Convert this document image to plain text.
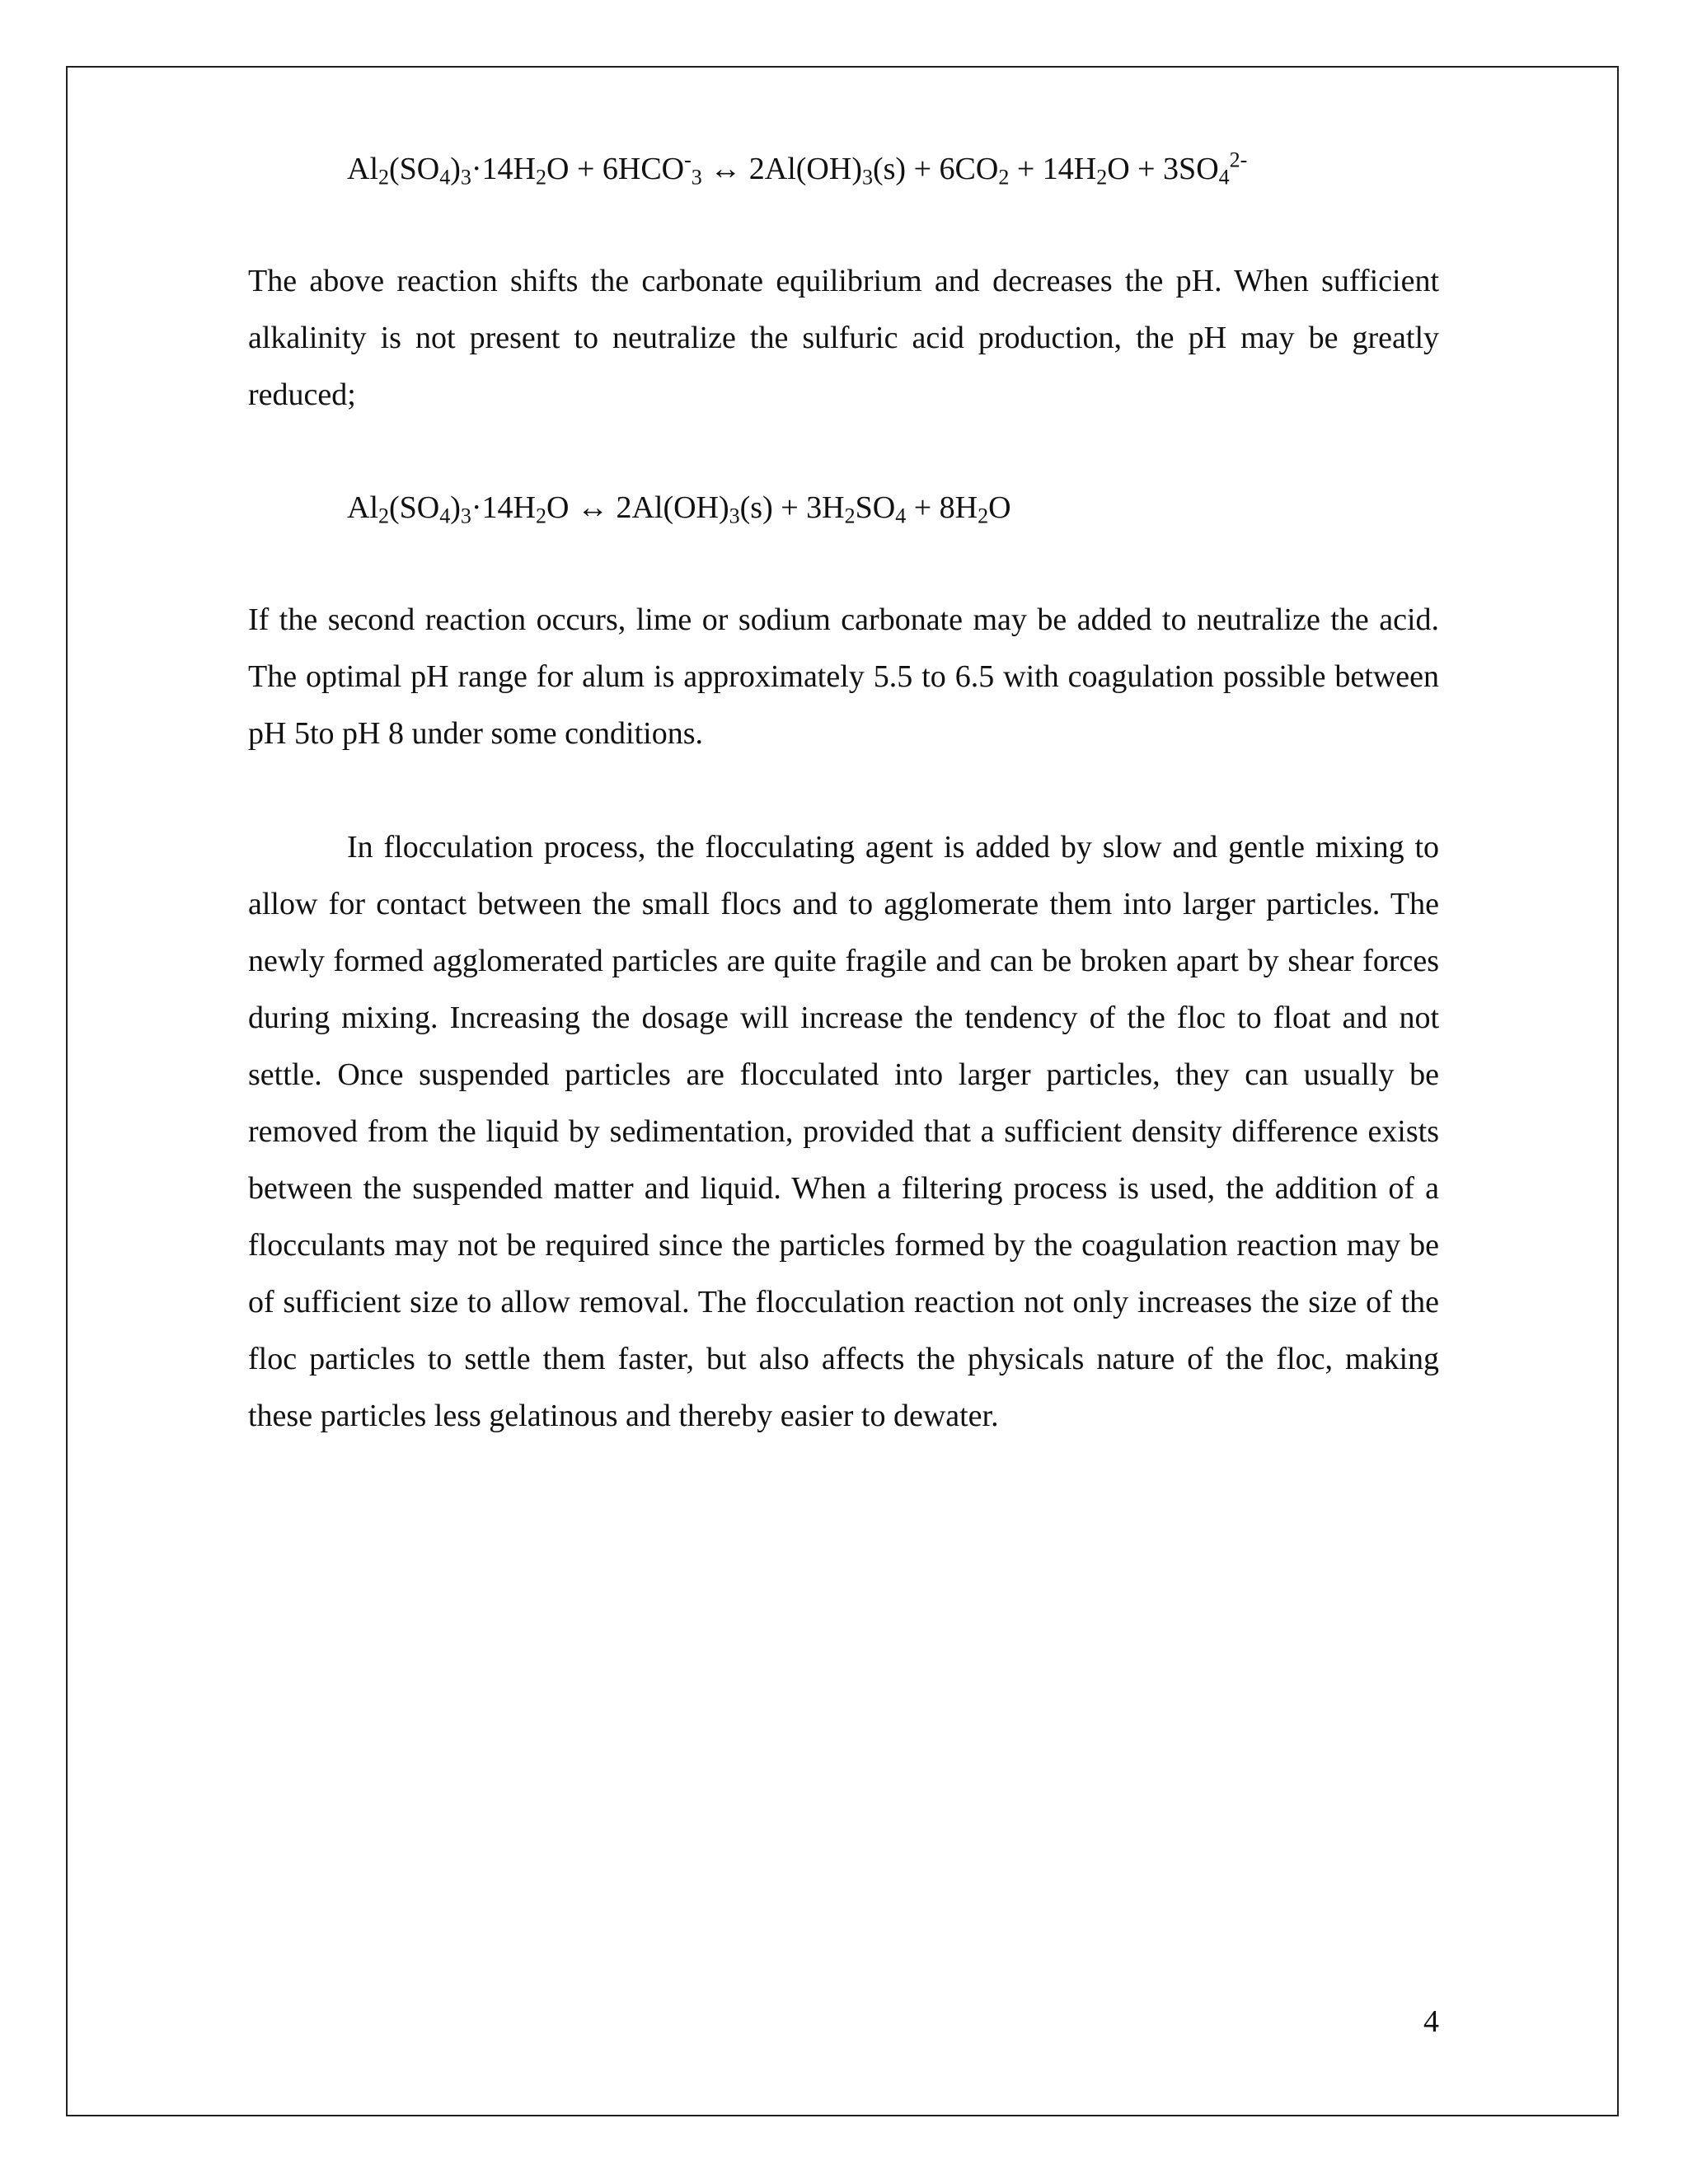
$Al_2(SO_4)_3\cdot 14H_2O + 6HCO^-_3$ ↔ $2Al(OH)_3(s) + 6CO_2 + 14H_2O + 3SO_4^{2-}$

The above reaction shifts the carbonate equilibrium and decreases the pH. When sufficient alkalinity is not present to neutralize the sulfuric acid production, the pH may be greatly reduced;

$Al_2(SO_4)_3\cdot 14H_2O$ ↔ $2Al(OH)_3(s) + 3H_2SO_4 + 8H_2O$

If the second reaction occurs, lime or sodium carbonate may be added to neutralize the acid. The optimal pH range for alum is approximately 5.5 to 6.5 with coagulation possible between pH 5to pH 8 under some conditions.

In flocculation process, the flocculating agent is added by slow and gentle mixing to allow for contact between the small flocs and to agglomerate them into larger particles. The newly formed agglomerated particles are quite fragile and can be broken apart by shear forces during mixing. Increasing the dosage will increase the tendency of the floc to float and not settle. Once suspended particles are flocculated into larger particles, they can usually be removed from the liquid by sedimentation, provided that a sufficient density difference exists between the suspended matter and liquid. When a filtering process is used, the addition of a flocculants may not be required since the particles formed by the coagulation reaction may be of sufficient size to allow removal. The flocculation reaction not only increases the size of the floc particles to settle them faster, but also affects the physicals nature of the floc, making these particles less gelatinous and thereby easier to dewater.

4
